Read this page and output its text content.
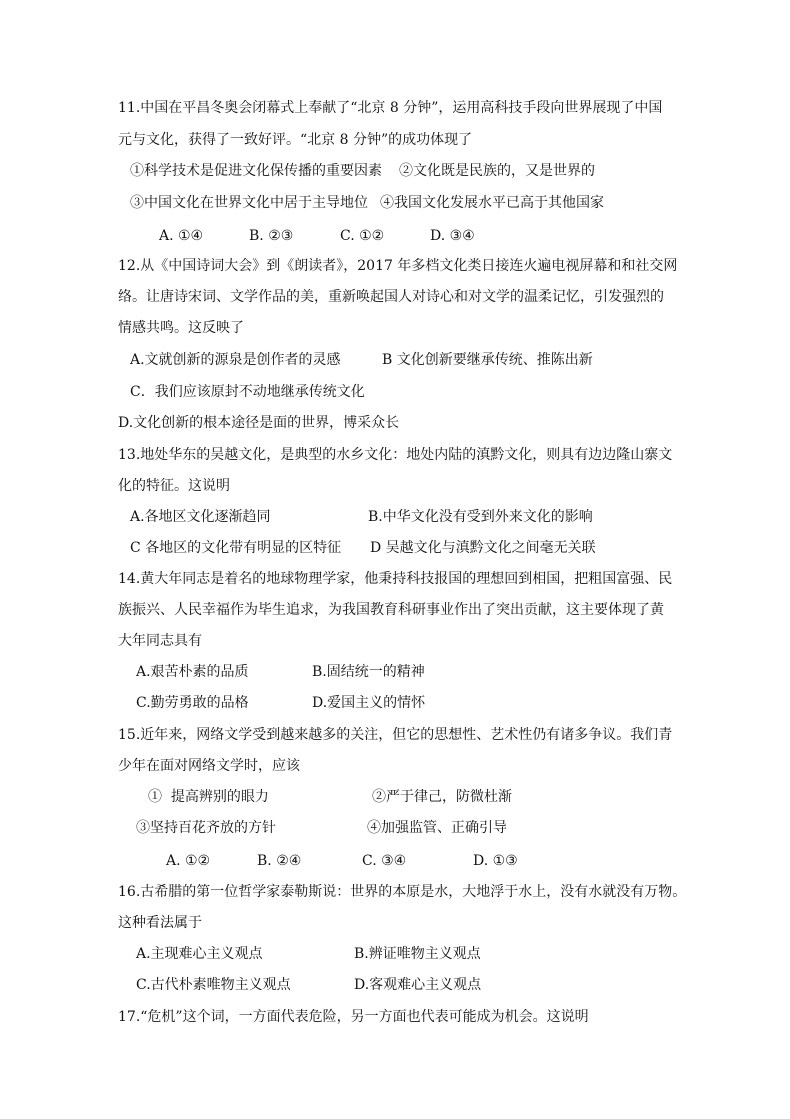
11.中国在平昌冬奥会闭幕式上奉献了“北京 8 分钟”，运用高科技手段向世界展现了中国
元与文化，获得了一致好评。“北京 8 分钟”的成功体现了
①科学技术是促进文化保传播的重要因素 ②文化既是民族的，又是世界的
③中国文化在世界文化中居于主导地位 ④我国文化发展水平已高于其他国家
A. ①④	B. ②③	C. ①②	D. ③④
12.从《中国诗词大会》到《朗读者》，2017 年多档文化类日接连火遍电视屏幕和和社交网
络。让唐诗宋词、文学作品的美，重新唤起国人对诗心和对文学的温柔记忆，引发强烈的
情感共鸣。这反映了
A.文就创新的源泉是创作者的灵感	B 文化创新要继承传统、推陈出新
C．我们应该原封不动地继承传统文化
D.文化创新的根本途径是面的世界，博采众长
13.地处华东的吴越文化，是典型的水乡文化：地处内陆的滇黔文化，则具有边边隆山寨文
化的特征。这说明
A.各地区文化逐渐趋同	B.中华文化没有受到外来文化的影响
C 各地区的文化带有明显的区特征 D 吴越文化与滇黔文化之间毫无关联
14.黄大年同志是着名的地球物理学家，他秉持科技报国的理想回到相国，把粗国富强、民
族振兴、人民幸福作为毕生追求，为我国教育科研事业作出了突出贡献，这主要体现了黄
大年同志具有
A.艰苦朴素的品质	B.固结统一的精神
C.勤劳勇敢的品格	D.爱国主义的情怀
15.近年来，网络文学受到越来越多的关注，但它的思想性、艺术性仍有诸多争议。我们青
少年在面对网络文学时，应该
①  提高辨别的眼力	②严于律己，防微杜渐
③坚持百花齐放的方针	④加强监管、正确引导
A. ①②	B. ②④	C. ③④	D. ①③
16.古希腊的第一位哲学家泰勒斯说：世界的本原是水，大地浮于水上，没有水就没有万物。
这种看法属于
A.主现难心主义观点	B.辨证唯物主义观点
C.古代朴素唯物主义观点	D.客观难心主义观点
17.“危机”这个词，一方面代表危险，另一方面也代表可能成为机会。这说明
